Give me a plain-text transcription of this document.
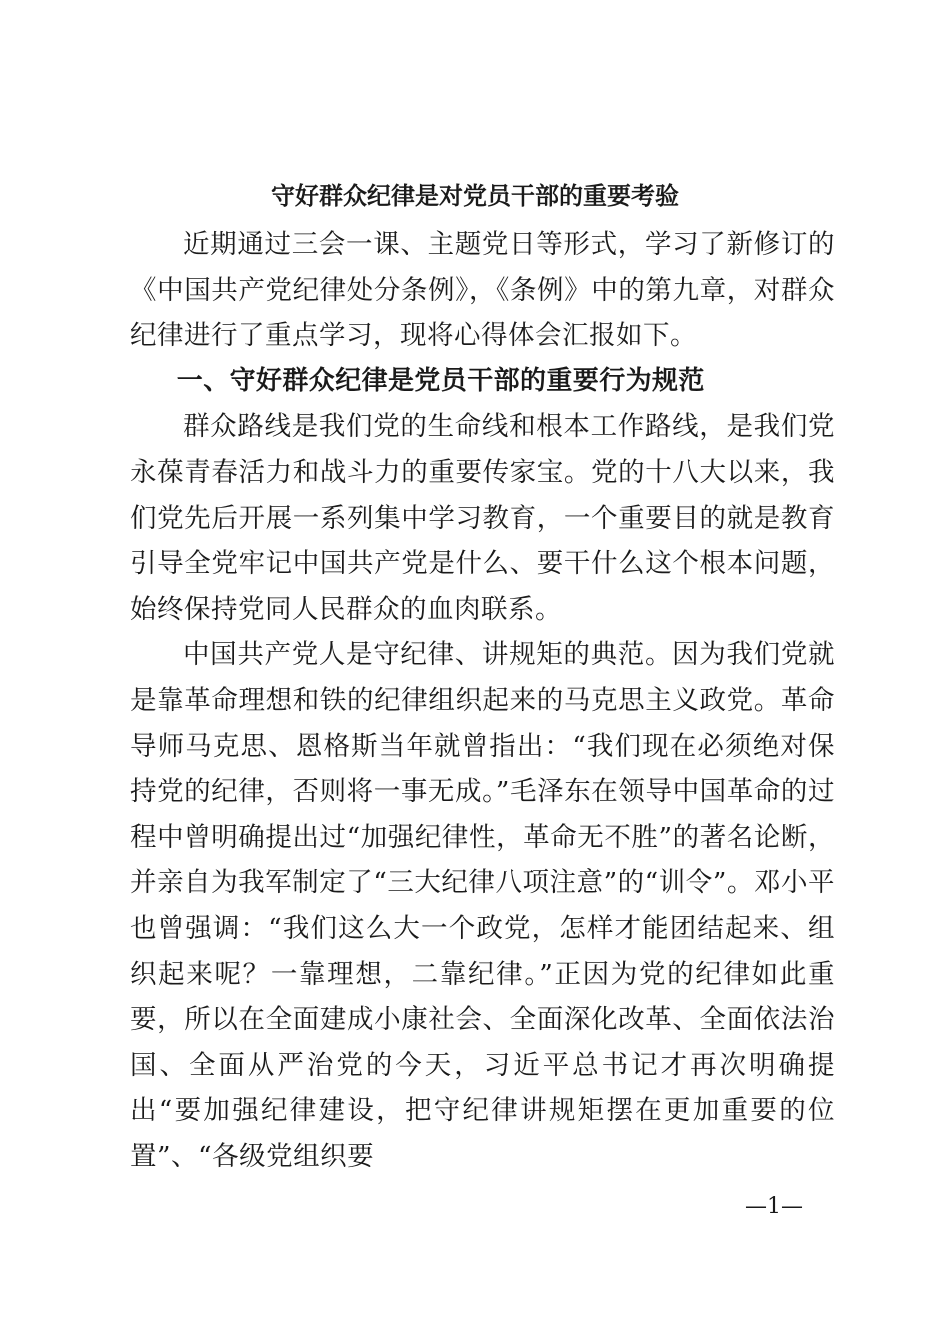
守好群众纪律是对党员干部的重要考验

近期通过三会一课、主题党日等形式，学习了新修订的《中国共产党纪律处分条例》，《条例》中的第九章，对群众纪律进行了重点学习，现将心得体会汇报如下。

一、守好群众纪律是党员干部的重要行为规范

群众路线是我们党的生命线和根本工作路线，是我们党永葆青春活力和战斗力的重要传家宝。党的十八大以来，我们党先后开展一系列集中学习教育，一个重要目的就是教育引导全党牢记中国共产党是什么、要干什么这个根本问题，始终保持党同人民群众的血肉联系。

中国共产党人是守纪律、讲规矩的典范。因为我们党就是靠革命理想和铁的纪律组织起来的马克思主义政党。革命导师马克思、恩格斯当年就曾指出：“我们现在必须绝对保持党的纪律，否则将一事无成。”毛泽东在领导中国革命的过程中曾明确提出过“加强纪律性，革命无不胜”的著名论断，并亲自为我军制定了“三大纪律八项注意”的“训令”。邓小平也曾强调：“我们这么大一个政党，怎样才能团结起来、组织起来呢？一靠理想，二靠纪律。”正因为党的纪律如此重要，所以在全面建成小康社会、全面深化改革、全面依法治国、全面从严治党的今天，习近平总书记才再次明确提出“要加强纪律建设，把守纪律讲规矩摆在更加重要的位置”、“各级党组织要

—1—
